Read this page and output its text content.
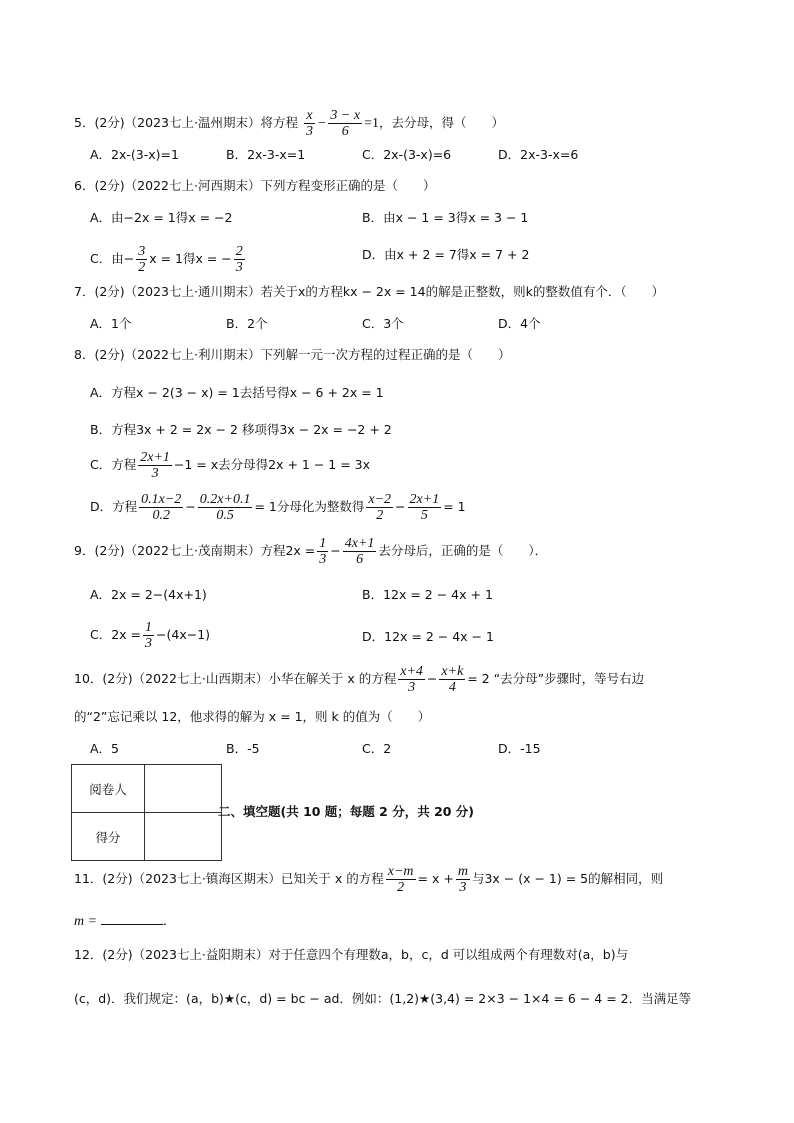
5．(2分)（2023七上·温州期末）将方程 $\frac{x}{3} - \frac{3 - x}{6} =1$，去分母，得（　　）
A．2x-(3-x)=1	B．2x-3-x=1	C．2x-(3-x)=6	D．2x-3-x=6
6．(2分)（2022七上·河西期末）下列方程变形正确的是（　　）
A．由−2x = 1得x = −2	B．由x − 1 = 3得x = 3 − 1
C．由− $\frac{3}{2}$ x = 1得x = − $\frac{2}{3}$	D．由x + 2 = 7得x = 7 + 2
7．(2分)（2023七上·通川期末）若关于x的方程kx − 2x = 14的解是正整数，则k的整数值有个．（　　）
A．1个	B．2个	C．3个	D．4个
8．(2分)（2022七上·利川期末）下列解一元一次方程的过程正确的是（　　）
A．方程x − 2(3 − x) = 1去括号得x − 6 + 2x = 1
B．方程3x + 2 = 2x − 2 移项得3x − 2x = −2 + 2
C．方程 $\frac{2x+1}{3} -1 = x$去分母得2x + 1 − 1 = 3x
D．方程 $\frac{0.1x-2}{0.2} - \frac{0.2x+0.1}{0.5} = 1$分母化为整数得 $\frac{x-2}{2} - \frac{2x+1}{5} = 1$
9．(2分)（2022七上·茂南期末）方程$2x = \frac{1}{3} - \frac{4x+1}{6}$ 去分母后，正确的是（　　）．
A．2x = 2−(4x+1)	B．12x = 2 − 4x + 1
C．$2x = \frac{1}{3} -(4x-1)$	D．12x = 2 − 4x − 1
10．(2分)（2022七上·山西期末）小华在解关于 x 的方程 $\frac{x+4}{3} - \frac{x+k}{4} = 2$ “去分母”步骤时，等号右边
的“2”忘记乘以 12，他求得的解为 x = 1，则 k 的值为（　　）
A．5	B．-5	C．2	D．-15
阅卷人	
得分	
二、填空题(共 10 题；每题 2 分，共 20 分)
11．(2分)（2023七上·镇海区期末）已知关于 x 的方程 $\frac{x-m}{2} = x + \frac{m}{3}$ 与3x − (x − 1) = 5的解相同，则
m =	．
12．(2分)（2023七上·益阳期末）对于任意四个有理数a，b，c，d 可以组成两个有理数对(a，b)与
(c，d)．我们规定：(a，b)★(c，d) = bc − ad．例如：(1,2)★(3,4) = 2×3 − 1×4 = 6 − 4 = 2．当满足等
